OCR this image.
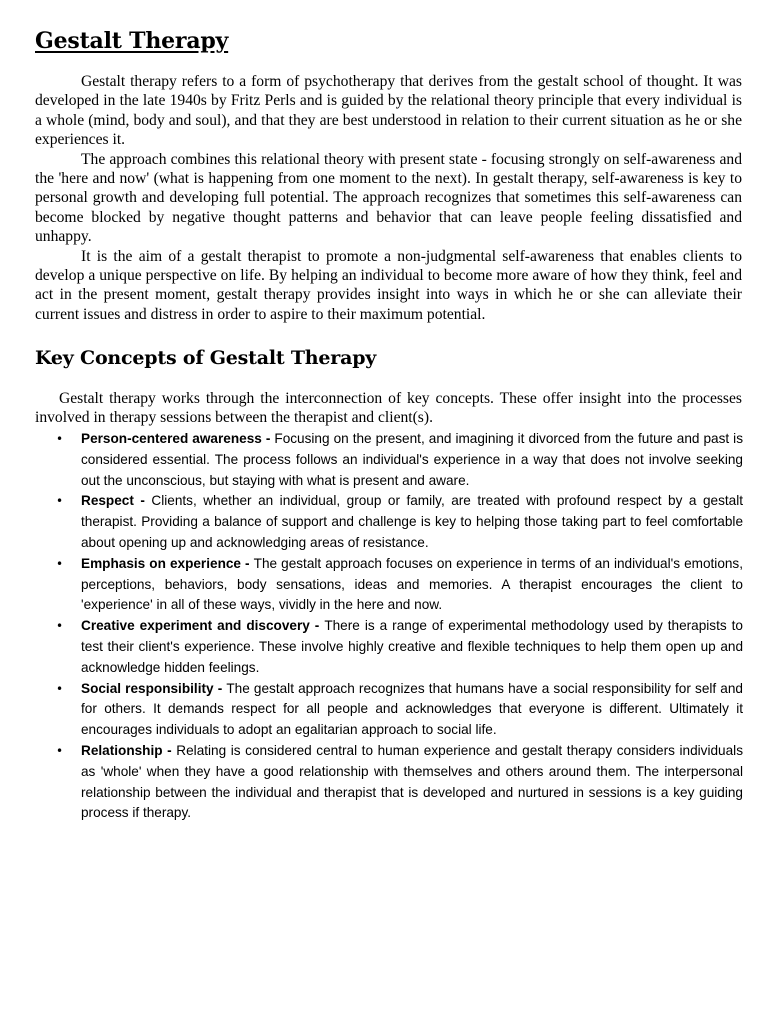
Gestalt Therapy

Gestalt therapy refers to a form of psychotherapy that derives from the gestalt school of thought. It was developed in the late 1940s by Fritz Perls and is guided by the relational theory principle that every individual is a whole (mind, body and soul), and that they are best understood in relation to their current situation as he or she experiences it.

The approach combines this relational theory with present state - focusing strongly on self-awareness and the 'here and now' (what is happening from one moment to the next). In gestalt therapy, self-awareness is key to personal growth and developing full potential. The approach recognizes that sometimes this self-awareness can become blocked by negative thought patterns and behavior that can leave people feeling dissatisfied and unhappy.

It is the aim of a gestalt therapist to promote a non-judgmental self-awareness that enables clients to develop a unique perspective on life. By helping an individual to become more aware of how they think, feel and act in the present moment, gestalt therapy provides insight into ways in which he or she can alleviate their current issues and distress in order to aspire to their maximum potential.

Key Concepts of Gestalt Therapy

Gestalt therapy works through the interconnection of key concepts. These offer insight into the processes involved in therapy sessions between the therapist and client(s).

• Person-centered awareness - Focusing on the present, and imagining it divorced from the future and past is considered essential. The process follows an individual's experience in a way that does not involve seeking out the unconscious, but staying with what is present and aware.
• Respect - Clients, whether an individual, group or family, are treated with profound respect by a gestalt therapist. Providing a balance of support and challenge is key to helping those taking part to feel comfortable about opening up and acknowledging areas of resistance.
• Emphasis on experience - The gestalt approach focuses on experience in terms of an individual's emotions, perceptions, behaviors, body sensations, ideas and memories. A therapist encourages the client to 'experience' in all of these ways, vividly in the here and now.
• Creative experiment and discovery - There is a range of experimental methodology used by therapists to test their client's experience. These involve highly creative and flexible techniques to help them open up and acknowledge hidden feelings.
• Social responsibility - The gestalt approach recognizes that humans have a social responsibility for self and for others. It demands respect for all people and acknowledges that everyone is different. Ultimately it encourages individuals to adopt an egalitarian approach to social life.
• Relationship - Relating is considered central to human experience and gestalt therapy considers individuals as 'whole' when they have a good relationship with themselves and others around them. The interpersonal relationship between the individual and therapist that is developed and nurtured in sessions is a key guiding process if therapy.
